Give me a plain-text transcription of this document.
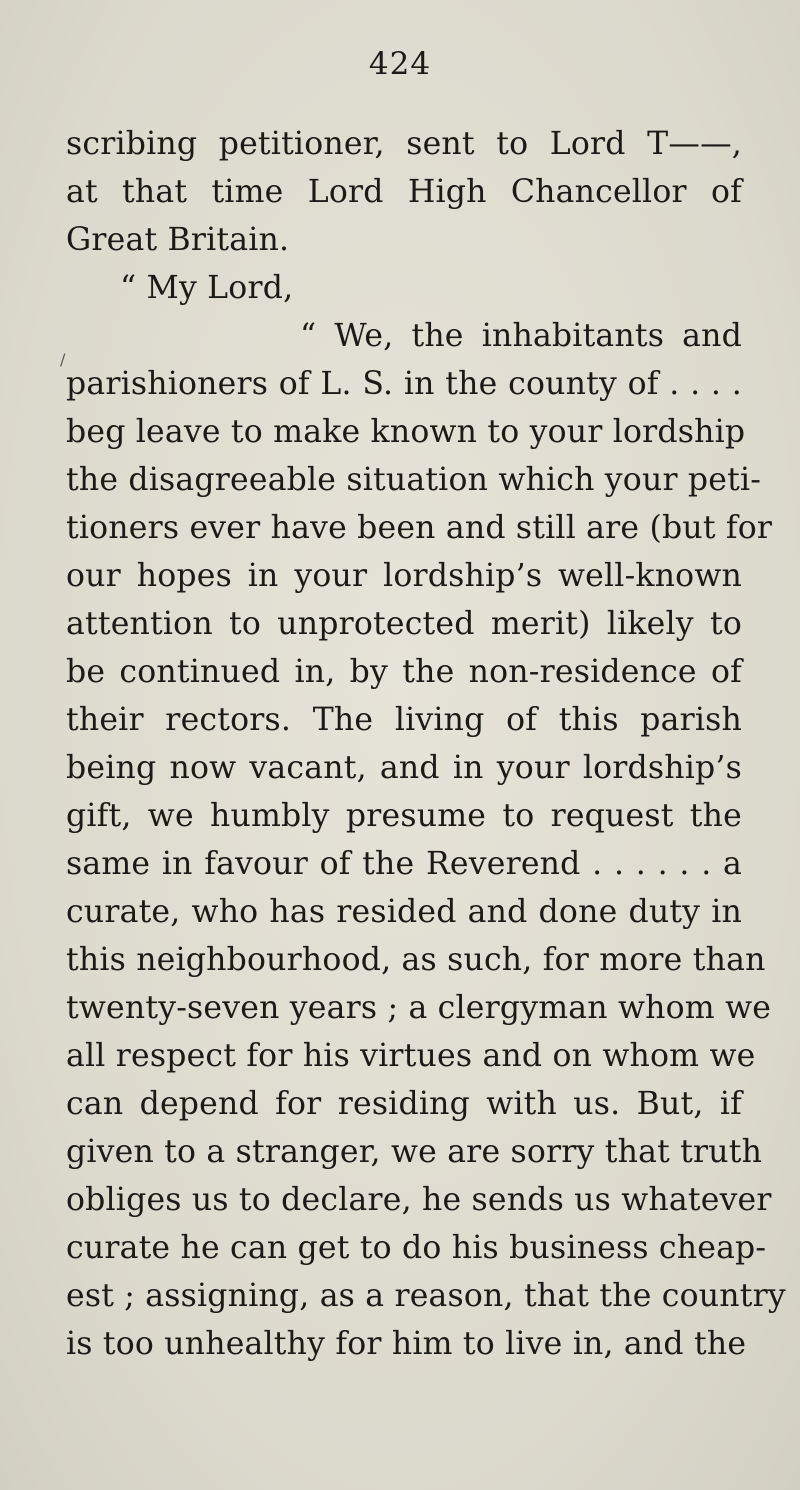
424
/
scribing petitioner, sent to Lord T——,
at that time Lord High Chancellor of
Great Britain.
“ My Lord,
“ We, the inhabitants and
parishioners of L. S. in the county of . . . .
beg leave to make known to your lordship
the disagreeable situation which your peti-
tioners ever have been and still are (but for
our hopes in your lordship’s well-known
attention to unprotected merit) likely to
be continued in, by the non-residence of
their rectors. The living of this parish
being now vacant, and in your lordship’s
gift, we humbly presume to request the
same in favour of the Reverend . . . . . . a
curate, who has resided and done duty in
this neighbourhood, as such, for more than
twenty-seven years ; a clergyman whom we
all respect for his virtues and on whom we
can depend for residing with us. But, if
given to a stranger, we are sorry that truth
obliges us to declare, he sends us whatever
curate he can get to do his business cheap-
est ; assigning, as a reason, that the country
is too unhealthy for him to live in, and the
